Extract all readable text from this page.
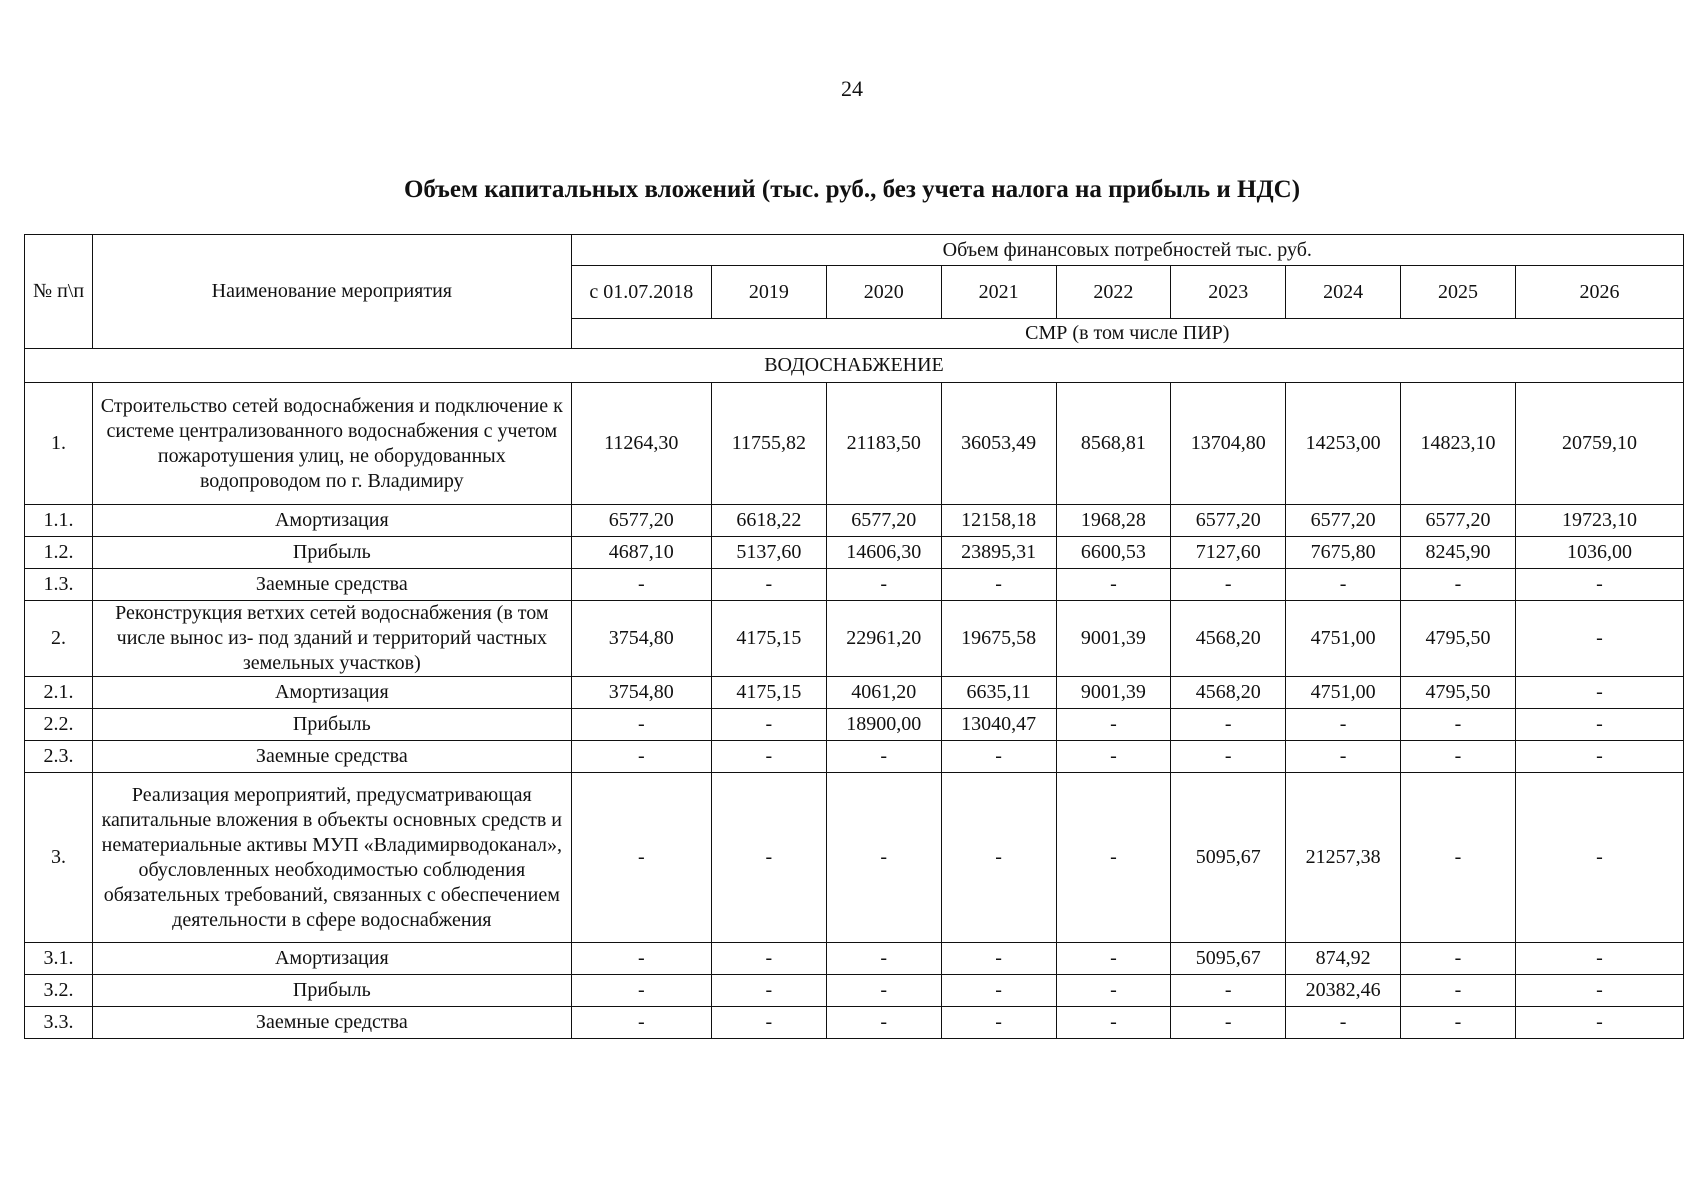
24
Объем капитальных вложений (тыс. руб., без учета налога на прибыль и НДС)
№ п\п	Наименование мероприятия	Объем финансовых потребностей тыс. руб.								
		с 01.07.2018	2019	2020	2021	2022	2023	2024	2025	2026
		СМР (в том числе ПИР)								
ВОДОСНАБЖЕНИЕ										
1.	Строительство сетей водоснабжения и подключение к системе централизованного водоснабжения с учетом пожаротушения улиц, не оборудованных водопроводом по г. Владимиру	11264,30	11755,82	21183,50	36053,49	8568,81	13704,80	14253,00	14823,10	20759,10
1.1.	Амортизация	6577,20	6618,22	6577,20	12158,18	1968,28	6577,20	6577,20	6577,20	19723,10
1.2.	Прибыль	4687,10	5137,60	14606,30	23895,31	6600,53	7127,60	7675,80	8245,90	1036,00
1.3.	Заемные средства	-	-	-	-	-	-	-	-	-
2.	Реконструкция ветхих сетей водоснабжения (в том числе вынос из- под зданий и территорий частных земельных участков)	3754,80	4175,15	22961,20	19675,58	9001,39	4568,20	4751,00	4795,50	-
2.1.	Амортизация	3754,80	4175,15	4061,20	6635,11	9001,39	4568,20	4751,00	4795,50	-
2.2.	Прибыль	-	-	18900,00	13040,47	-	-	-	-	-
2.3.	Заемные средства	-	-	-	-	-	-	-	-	-
3.	Реализация мероприятий, предусматривающая капитальные вложения в объекты основных средств и нематериальные активы МУП «Владимирводоканал», обусловленных необходимостью соблюдения обязательных требований, связанных с обеспечением деятельности в сфере водоснабжения	-	-	-	-	-	5095,67	21257,38	-	-
3.1.	Амортизация	-	-	-	-	-	5095,67	874,92	-	-
3.2.	Прибыль	-	-	-	-	-	-	20382,46	-	-
3.3.	Заемные средства	-	-	-	-	-	-	-	-	-
